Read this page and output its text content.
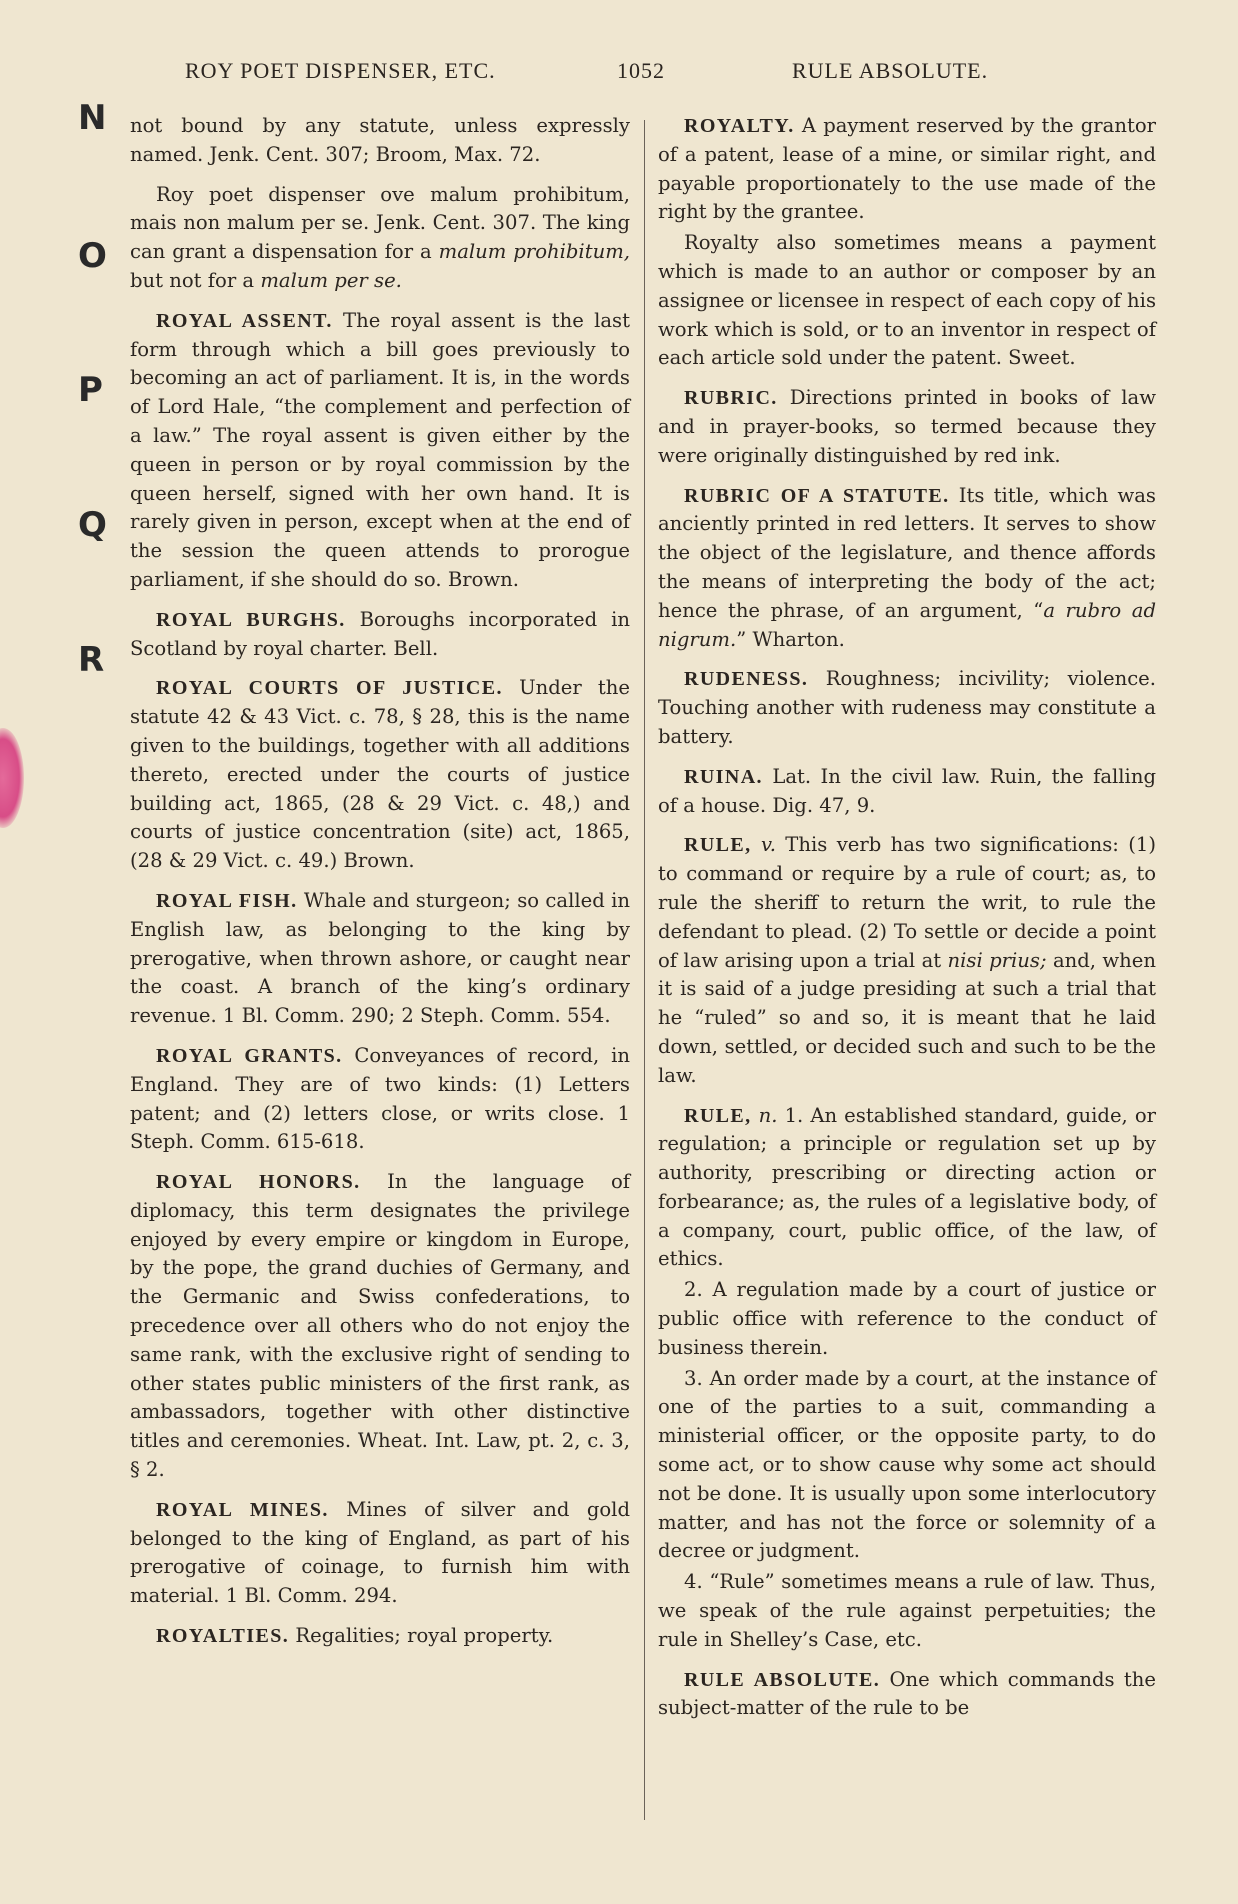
ROY POET DISPENSER, ETC.	1052	RULE ABSOLUTE.
N
O
P
Q
R

not bound by any statute, unless expressly named. Jenk. Cent. 307; Broom, Max. 72.

Roy poet dispenser ove malum prohibitum, mais non malum per se. Jenk. Cent. 307. The king can grant a dispensation for a malum prohibitum, but not for a malum per se.

ROYAL ASSENT. The royal assent is the last form through which a bill goes previously to becoming an act of parliament. It is, in the words of Lord Hale, “the complement and perfection of a law.” The royal assent is given either by the queen in person or by royal commission by the queen herself, signed with her own hand. It is rarely given in person, except when at the end of the session the queen attends to prorogue parliament, if she should do so. Brown.

ROYAL BURGHS. Boroughs incorporated in Scotland by royal charter. Bell.

ROYAL COURTS OF JUSTICE. Under the statute 42 & 43 Vict. c. 78, § 28, this is the name given to the buildings, together with all additions thereto, erected under the courts of justice building act, 1865, (28 & 29 Vict. c. 48,) and courts of justice concentration (site) act, 1865, (28 & 29 Vict. c. 49.) Brown.

ROYAL FISH. Whale and sturgeon; so called in English law, as belonging to the king by prerogative, when thrown ashore, or caught near the coast. A branch of the king’s ordinary revenue. 1 Bl. Comm. 290; 2 Steph. Comm. 554.

ROYAL GRANTS. Conveyances of record, in England. They are of two kinds: (1) Letters patent; and (2) letters close, or writs close. 1 Steph. Comm. 615-618.

ROYAL HONORS. In the language of diplomacy, this term designates the privilege enjoyed by every empire or kingdom in Europe, by the pope, the grand duchies of Germany, and the Germanic and Swiss confederations, to precedence over all others who do not enjoy the same rank, with the exclusive right of sending to other states public ministers of the first rank, as ambassadors, together with other distinctive titles and ceremonies. Wheat. Int. Law, pt. 2, c. 3, § 2.

ROYAL MINES. Mines of silver and gold belonged to the king of England, as part of his prerogative of coinage, to furnish him with material. 1 Bl. Comm. 294.

ROYALTIES. Regalities; royal property.

ROYALTY. A payment reserved by the grantor of a patent, lease of a mine, or similar right, and payable proportionately to the use made of the right by the grantee.

Royalty also sometimes means a payment which is made to an author or composer by an assignee or licensee in respect of each copy of his work which is sold, or to an inventor in respect of each article sold under the patent. Sweet.

RUBRIC. Directions printed in books of law and in prayer-books, so termed because they were originally distinguished by red ink.

RUBRIC OF A STATUTE. Its title, which was anciently printed in red letters. It serves to show the object of the legislature, and thence affords the means of interpreting the body of the act; hence the phrase, of an argument, “a rubro ad nigrum.” Wharton.

RUDENESS. Roughness; incivility; violence. Touching another with rudeness may constitute a battery.

RUINA. Lat. In the civil law. Ruin, the falling of a house. Dig. 47, 9.

RULE, v. This verb has two significations: (1) to command or require by a rule of court; as, to rule the sheriff to return the writ, to rule the defendant to plead. (2) To settle or decide a point of law arising upon a trial at nisi prius; and, when it is said of a judge presiding at such a trial that he “ruled” so and so, it is meant that he laid down, settled, or decided such and such to be the law.

RULE, n. 1. An established standard, guide, or regulation; a principle or regulation set up by authority, prescribing or directing action or forbearance; as, the rules of a legislative body, of a company, court, public office, of the law, of ethics.

2. A regulation made by a court of justice or public office with reference to the conduct of business therein.

3. An order made by a court, at the instance of one of the parties to a suit, commanding a ministerial officer, or the opposite party, to do some act, or to show cause why some act should not be done. It is usually upon some interlocutory matter, and has not the force or solemnity of a decree or judgment.

4. “Rule” sometimes means a rule of law. Thus, we speak of the rule against perpetuities; the rule in Shelley’s Case, etc.

RULE ABSOLUTE. One which commands the subject-matter of the rule to be
